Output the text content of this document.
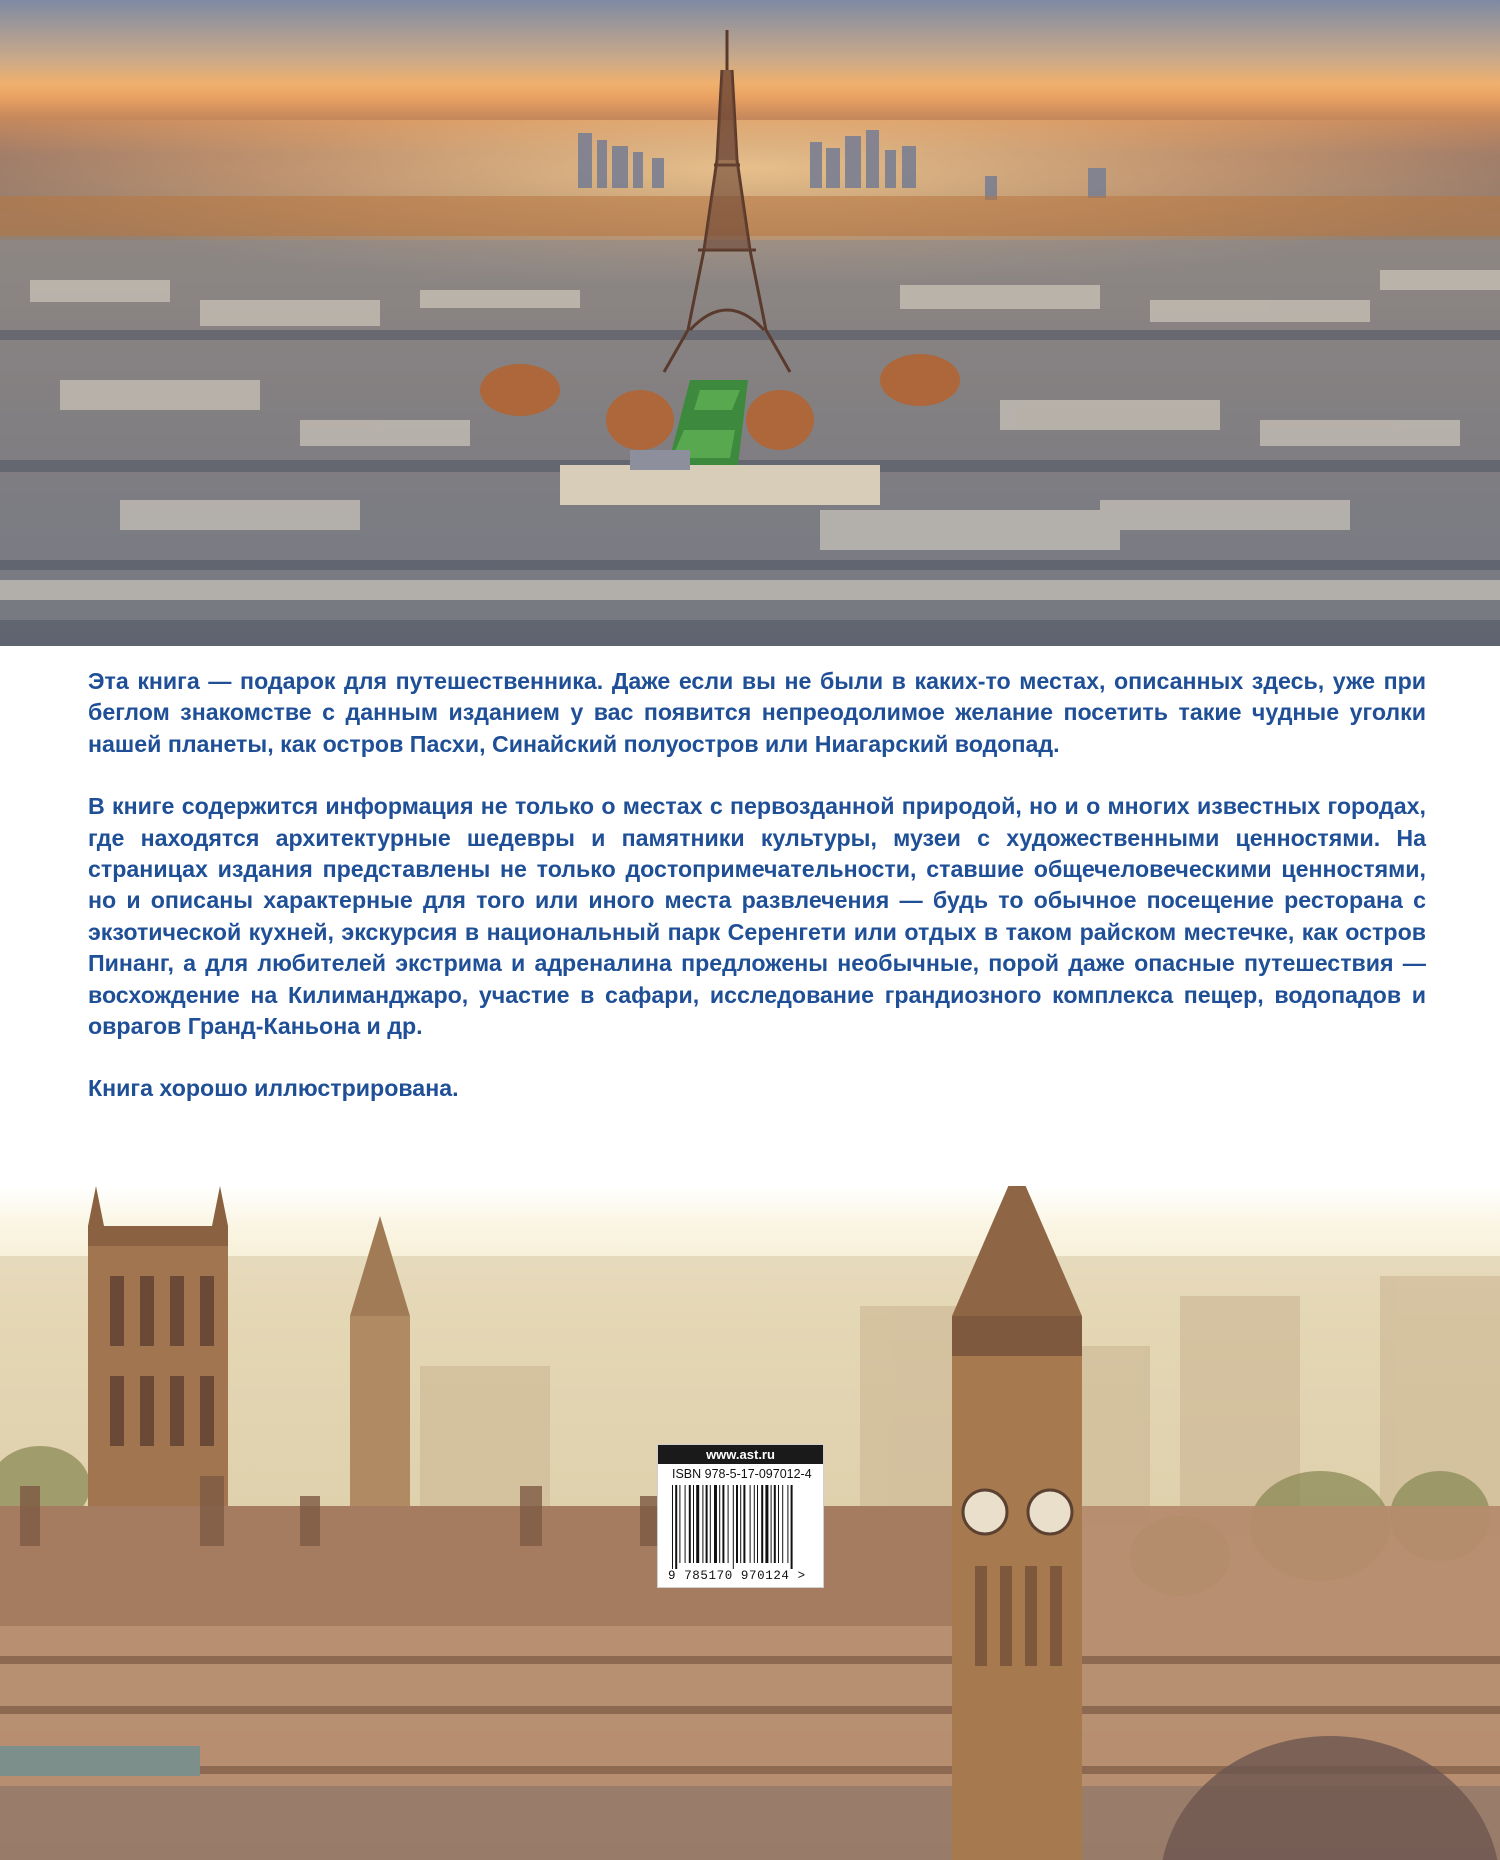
Эта книга — подарок для путешественника. Даже если вы не были в каких-то местах, описанных здесь, уже при беглом знакомстве с данным изданием у вас появится непреодолимое желание посетить такие чудные уголки нашей планеты, как остров Пасхи, Синайский полуостров или Ниагарский водопад.

В книге содержится информация не только о местах с первозданной природой, но и о многих известных городах, где находятся архитектурные шедевры и памятники культуры, музеи с художественными ценностями. На страницах издания представлены не только достопримечательности, ставшие общечеловеческими ценностями, но и описаны характерные для того или иного места развлечения — будь то обычное посещение ресторана с экзотической кухней, экскурсия в национальный парк Серенгети или отдых в таком райском местечке, как остров Пинанг, а для любителей экстрима и адреналина предложены необычные, порой даже опасные путешествия — восхождение на Килиманджаро, участие в сафари, исследование грандиозного комплекса пещер, водопадов и оврагов Гранд-Каньона и др.

Книга хорошо иллюстрирована.

www.ast.ru
ISBN 978-5-17-097012-4
9 785170 970124 >
